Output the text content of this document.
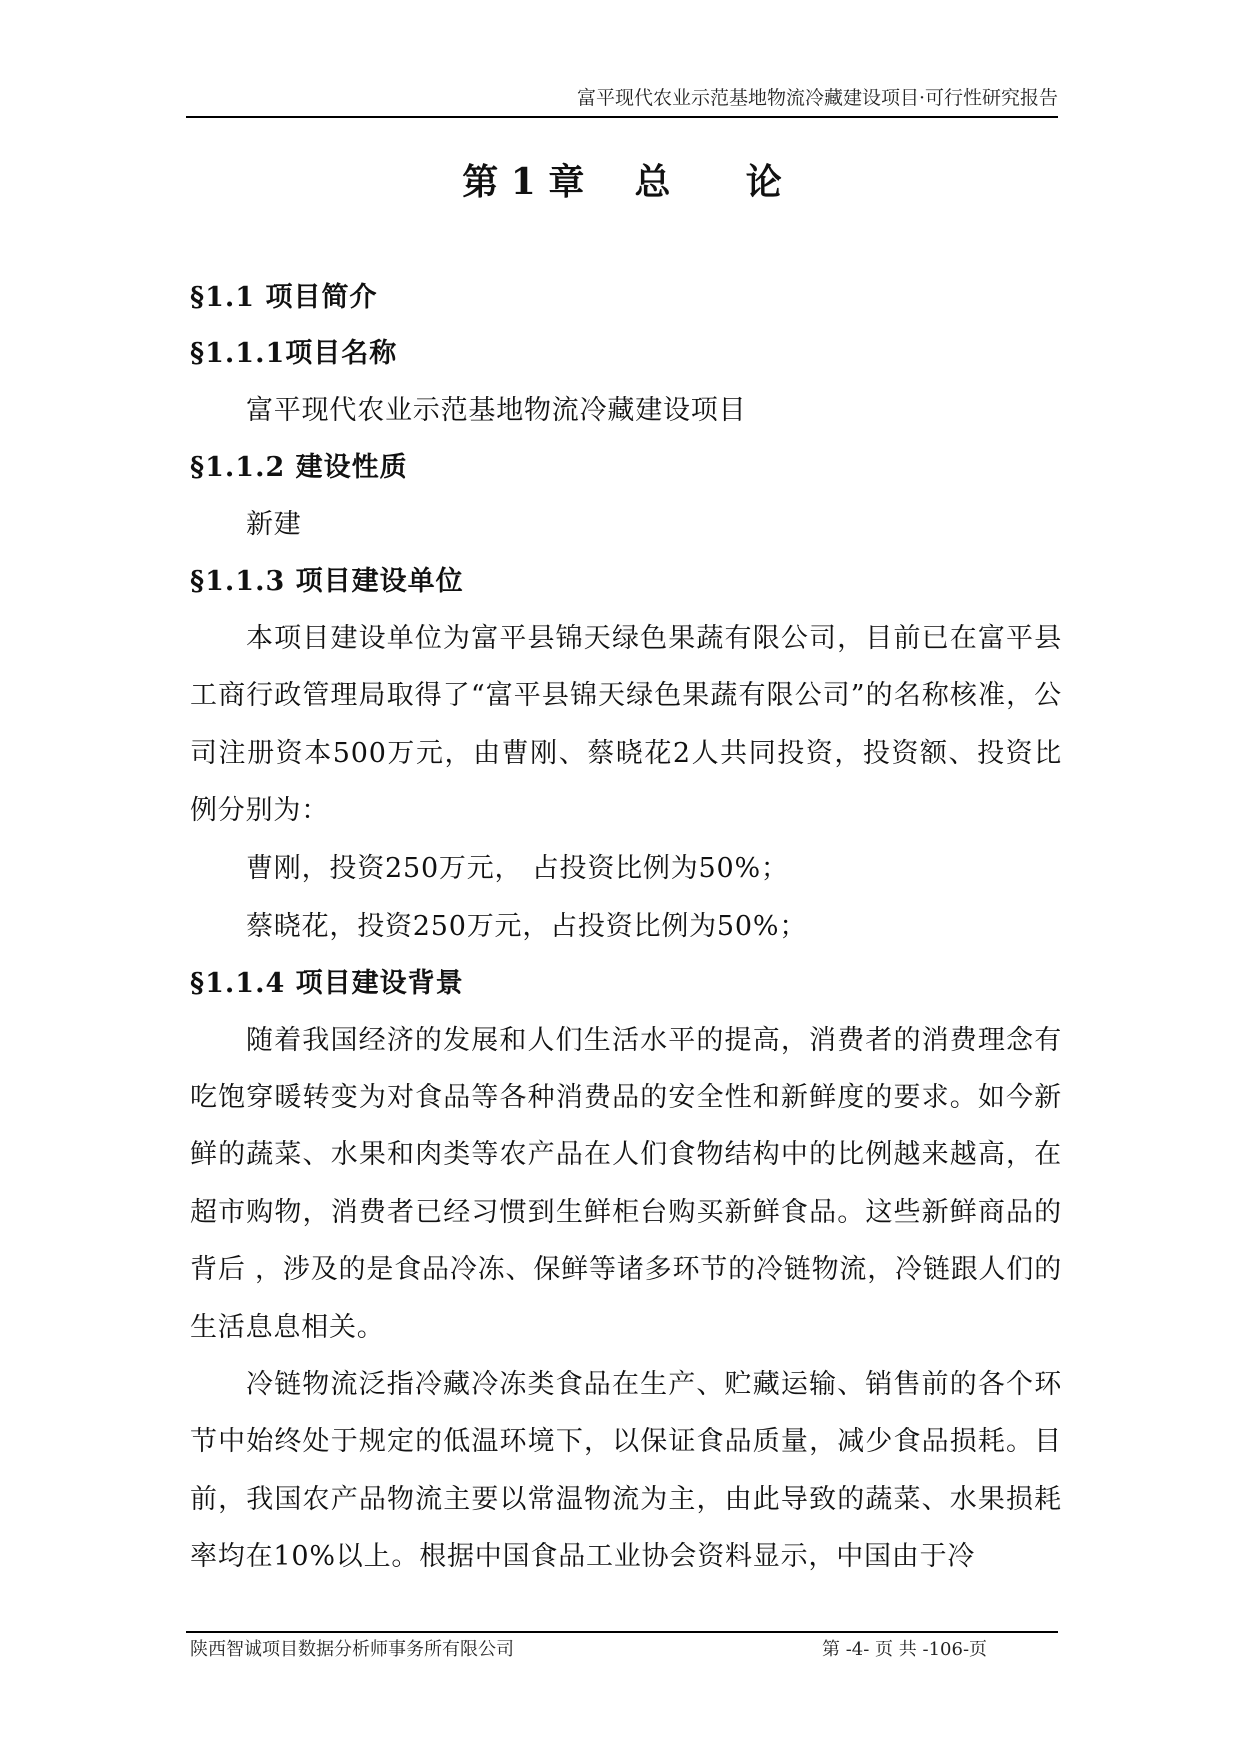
富平现代农业示范基地物流冷藏建设项目·可行性研究报告
第 1 章    总      论
§1.1 项目简介
§1.1.1项目名称

富平现代农业示范基地物流冷藏建设项目

§1.1.2 建设性质

新建

§1.1.3 项目建设单位

本项目建设单位为富平县锦天绿色果蔬有限公司，目前已在富平县工商行政管理局取得了“富平县锦天绿色果蔬有限公司”的名称核准，公司注册资本500万元，由曹刚、蔡晓花2人共同投资，投资额、投资比例分别为：

曹刚，投资250万元， 占投资比例为50%；

蔡晓花，投资250万元，占投资比例为50%；

§1.1.4 项目建设背景

随着我国经济的发展和人们生活水平的提高，消费者的消费理念有吃饱穿暖转变为对食品等各种消费品的安全性和新鲜度的要求。如今新鲜的蔬菜、水果和肉类等农产品在人们食物结构中的比例越来越高，在超市购物，消费者已经习惯到生鲜柜台购买新鲜食品。这些新鲜商品的背后 ，涉及的是食品冷冻、保鲜等诸多环节的冷链物流，冷链跟人们的生活息息相关。

冷链物流泛指冷藏冷冻类食品在生产、贮藏运输、销售前的各个环节中始终处于规定的低温环境下，以保证食品质量，减少食品损耗。目前，我国农产品物流主要以常温物流为主，由此导致的蔬菜、水果损耗率均在10%以上。根据中国食品工业协会资料显示，中国由于冷

陕西智诚项目数据分析师事务所有限公司	第 -4- 页 共 -106-页
